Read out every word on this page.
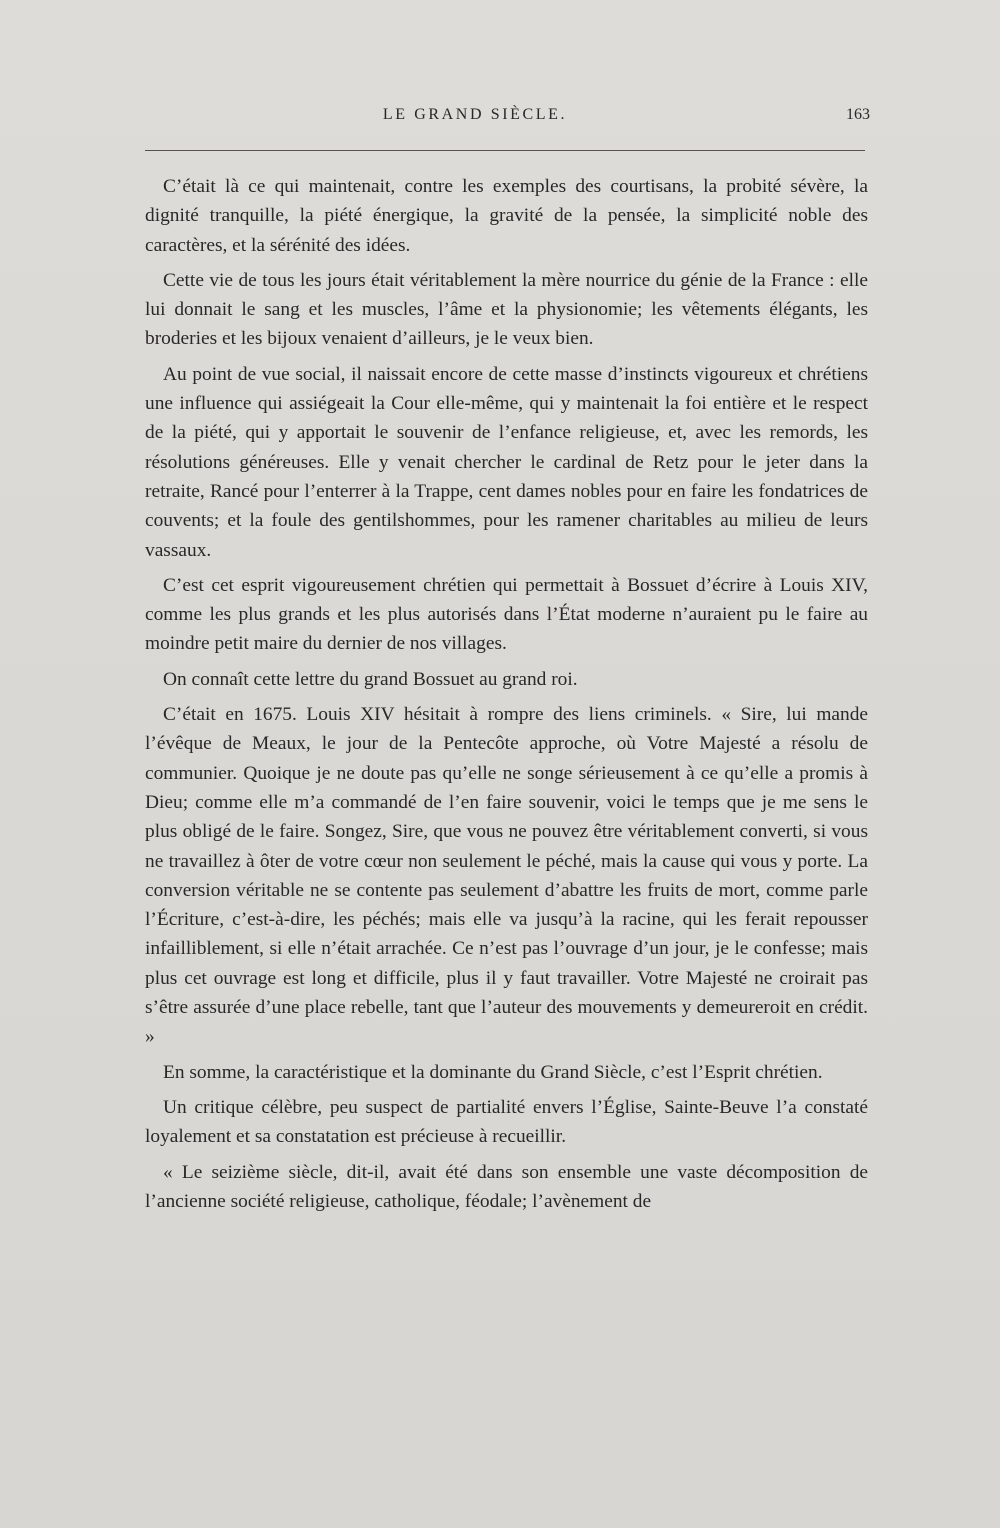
LE GRAND SIÈCLE.	163

C’était là ce qui maintenait, contre les exemples des courtisans, la probité sévère, la dignité tranquille, la piété énergique, la gravité de la pensée, la simplicité noble des caractères, et la sérénité des idées.

Cette vie de tous les jours était véritablement la mère nourrice du génie de la France : elle lui donnait le sang et les muscles, l’âme et la physionomie; les vêtements élégants, les broderies et les bijoux venaient d’ailleurs, je le veux bien.

Au point de vue social, il naissait encore de cette masse d’instincts vigoureux et chrétiens une influence qui assiégeait la Cour elle-même, qui y maintenait la foi entière et le respect de la piété, qui y apportait le souvenir de l’enfance religieuse, et, avec les remords, les résolutions généreuses. Elle y venait chercher le cardinal de Retz pour le jeter dans la retraite, Rancé pour l’enterrer à la Trappe, cent dames nobles pour en faire les fondatrices de couvents; et la foule des gentilshommes, pour les ramener charitables au milieu de leurs vassaux.

C’est cet esprit vigoureusement chrétien qui permettait à Bossuet d’écrire à Louis XIV, comme les plus grands et les plus autorisés dans l’État moderne n’auraient pu le faire au moindre petit maire du dernier de nos villages.

On connaît cette lettre du grand Bossuet au grand roi.

C’était en 1675. Louis XIV hésitait à rompre des liens criminels. « Sire, lui mande l’évêque de Meaux, le jour de la Pentecôte approche, où Votre Majesté a résolu de communier. Quoique je ne doute pas qu’elle ne songe sérieusement à ce qu’elle a promis à Dieu; comme elle m’a commandé de l’en faire souvenir, voici le temps que je me sens le plus obligé de le faire. Songez, Sire, que vous ne pouvez être véritablement converti, si vous ne travaillez à ôter de votre cœur non seulement le péché, mais la cause qui vous y porte. La conversion véritable ne se contente pas seulement d’abattre les fruits de mort, comme parle l’Écriture, c’est-à-dire, les péchés; mais elle va jusqu’à la racine, qui les ferait repousser infailliblement, si elle n’était arrachée. Ce n’est pas l’ouvrage d’un jour, je le confesse; mais plus cet ouvrage est long et difficile, plus il y faut travailler. Votre Majesté ne croirait pas s’être assurée d’une place rebelle, tant que l’auteur des mouvements y demeureroit en crédit. »

En somme, la caractéristique et la dominante du Grand Siècle, c’est l’Esprit chrétien.

Un critique célèbre, peu suspect de partialité envers l’Église, Sainte-Beuve l’a constaté loyalement et sa constatation est précieuse à recueillir.

« Le seizième siècle, dit-il, avait été dans son ensemble une vaste décomposition de l’ancienne société religieuse, catholique, féodale; l’avènement de
